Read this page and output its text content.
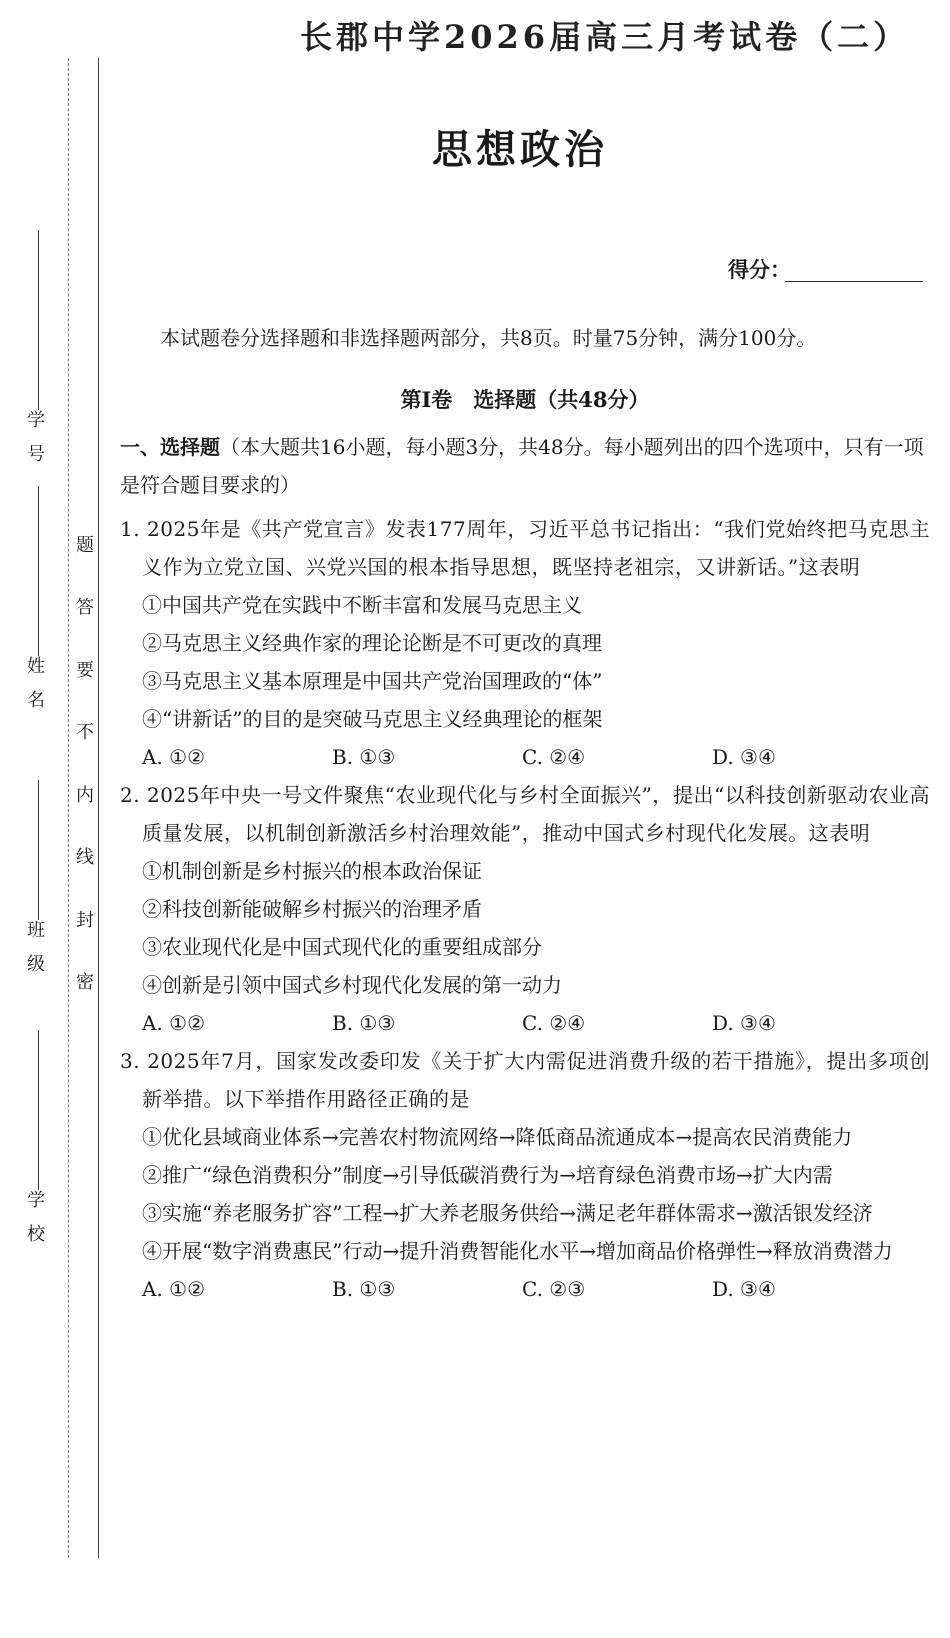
学号
姓名
班级
学校
题
答
要
不
内
线
封
密
长郡中学2026届高三月考试卷（二）
思想政治
得分：
本试题卷分选择题和非选择题两部分，共8页。时量75分钟，满分100分。
第Ⅰ卷　选择题（共48分）
一、选择题（本大题共16小题，每小题3分，共48分。每小题列出的四个选项中，只有一项是符合题目要求的）
1. 2025年是《共产党宣言》发表177周年，习近平总书记指出：“我们党始终把马克思主义作为立党立国、兴党兴国的根本指导思想，既坚持老祖宗，又讲新话。”这表明
①中国共产党在实践中不断丰富和发展马克思主义
②马克思主义经典作家的理论论断是不可更改的真理
③马克思主义基本原理是中国共产党治国理政的“体”
④“讲新话”的目的是突破马克思主义经典理论的框架
A. ①②	B. ①③	C. ②④	D. ③④
2. 2025年中央一号文件聚焦“农业现代化与乡村全面振兴”，提出“以科技创新驱动农业高质量发展，以机制创新激活乡村治理效能”，推动中国式乡村现代化发展。这表明
①机制创新是乡村振兴的根本政治保证
②科技创新能破解乡村振兴的治理矛盾
③农业现代化是中国式现代化的重要组成部分
④创新是引领中国式乡村现代化发展的第一动力
A. ①②	B. ①③	C. ②④	D. ③④
3. 2025年7月，国家发改委印发《关于扩大内需促进消费升级的若干措施》，提出多项创新举措。以下举措作用路径正确的是
①优化县域商业体系→完善农村物流网络→降低商品流通成本→提高农民消费能力
②推广“绿色消费积分”制度→引导低碳消费行为→培育绿色消费市场→扩大内需
③实施“养老服务扩容”工程→扩大养老服务供给→满足老年群体需求→激活银发经济
④开展“数字消费惠民”行动→提升消费智能化水平→增加商品价格弹性→释放消费潜力
A. ①②	B. ①③	C. ②③	D. ③④
